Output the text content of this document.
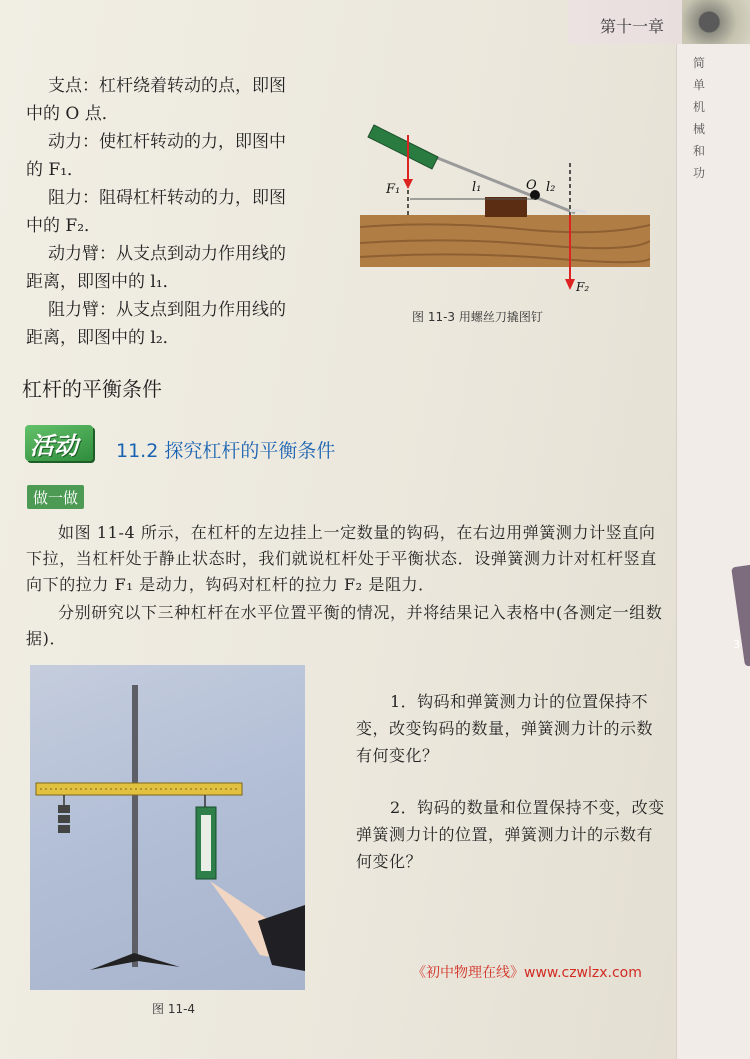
第十一章
简
单
机
械
和
功
3
支点：杠杆绕着转动的点，即图
中的 O 点．
动力：使杠杆转动的力，即图中
的 F₁．
阻力：阻碍杠杆转动的力，即图
中的 F₂．
动力臂：从支点到动力作用线的
距离，即图中的 l₁．
阻力臂：从支点到阻力作用线的
距离，即图中的 l₂．
F₁	l₁	O l₂
F₂
图 11-3 用螺丝刀撬图钉
杠杆的平衡条件
活动 11.2 探究杠杆的平衡条件
做一做
如图 11-4 所示，在杠杆的左边挂上一定数量的钩码，在右边用弹簧测力计竖直向下拉，当杠杆处于静止状态时，我们就说杠杆处于平衡状态．设弹簧测力计对杠杆竖直向下的拉力 F₁ 是动力，钩码对杠杆的拉力 F₂ 是阻力．
分别研究以下三种杠杆在水平位置平衡的情况，并将结果记入表格中(各测定一组数据)．
图 11-4
1．钩码和弹簧测力计的位置保持不变，改变钩码的数量，弹簧测力计的示数有何变化？
2．钩码的数量和位置保持不变，改变弹簧测力计的位置，弹簧测力计的示数有何变化？
《初中物理在线》www.czwlzx.com
